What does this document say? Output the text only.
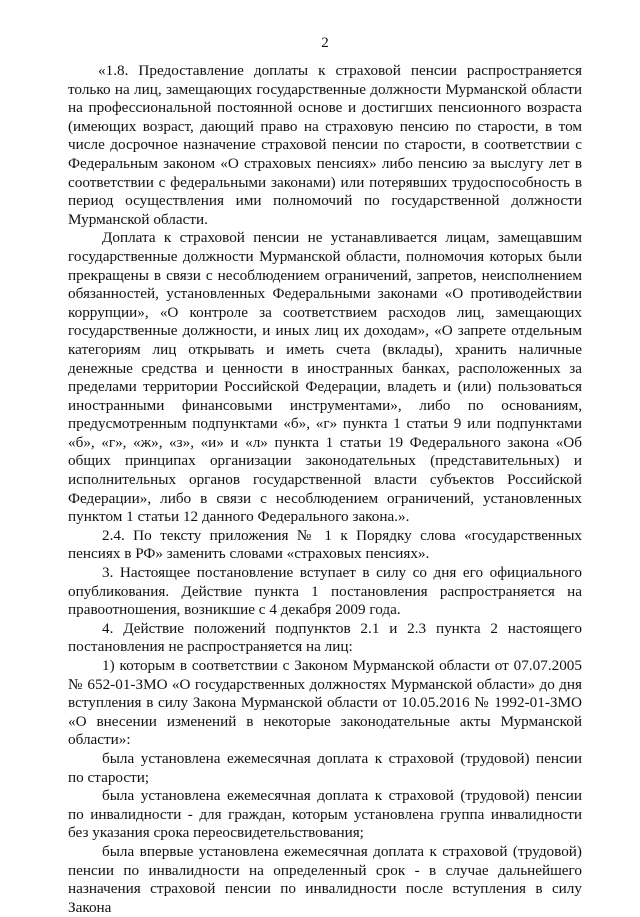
2

«1.8. Предоставление доплаты к страховой пенсии распространяется только на лиц, замещающих государственные должности Мурманской области на профессиональной постоянной основе и достигших пенсионного возраста (имеющих возраст, дающий право на страховую пенсию по старости, в том числе досрочное назначение страховой пенсии по старости, в соответствии с Федеральным законом «О страховых пенсиях» либо пенсию за выслугу лет в соответствии с федеральными законами) или потерявших трудоспособность в период осуществления ими полномочий по государственной должности Мурманской области.

Доплата к страховой пенсии не устанавливается лицам, замещавшим государственные должности Мурманской области, полномочия которых были прекращены в связи с несоблюдением ограничений, запретов, неисполнением обязанностей, установленных Федеральными законами «О противодействии коррупции», «О контроле за соответствием расходов лиц, замещающих государственные должности, и иных лиц их доходам», «О запрете отдельным категориям лиц открывать и иметь счета (вклады), хранить наличные денежные средства и ценности в иностранных банках, расположенных за пределами территории Российской Федерации, владеть и (или) пользоваться иностранными финансовыми инструментами», либо по основаниям, предусмотренным подпунктами «б», «г» пункта 1 статьи 9 или подпунктами «б», «г», «ж», «з», «и» и «л» пункта 1 статьи 19 Федерального закона «Об общих принципах организации законодательных (представительных) и исполнительных органов государственной власти субъектов Российской Федерации», либо в связи с несоблюдением ограничений, установленных пунктом 1 статьи 12 данного Федерального закона.».

2.4. По тексту приложения № 1 к Порядку слова «государственных пенсиях в РФ» заменить словами «страховых пенсиях».

3. Настоящее постановление вступает в силу со дня его официального опубликования. Действие пункта 1 постановления распространяется на правоотношения, возникшие с 4 декабря 2009 года.

4. Действие положений подпунктов 2.1 и 2.3 пункта 2 настоящего постановления не распространяется на лиц:

1) которым в соответствии с Законом Мурманской области от 07.07.2005 № 652-01-ЗМО «О государственных должностях Мурманской области» до дня вступления в силу Закона Мурманской области от 10.05.2016 № 1992-01-ЗМО «О внесении изменений в некоторые законодательные акты Мурманской области»:

была установлена ежемесячная доплата к страховой (трудовой) пенсии по старости;

была установлена ежемесячная доплата к страховой (трудовой) пенсии по инвалидности - для граждан, которым установлена группа инвалидности без указания срока переосвидетельствования;

была впервые установлена ежемесячная доплата к страховой (трудовой) пенсии по инвалидности на определенный срок - в случае дальнейшего назначения страховой пенсии по инвалидности после вступления в силу Закона
